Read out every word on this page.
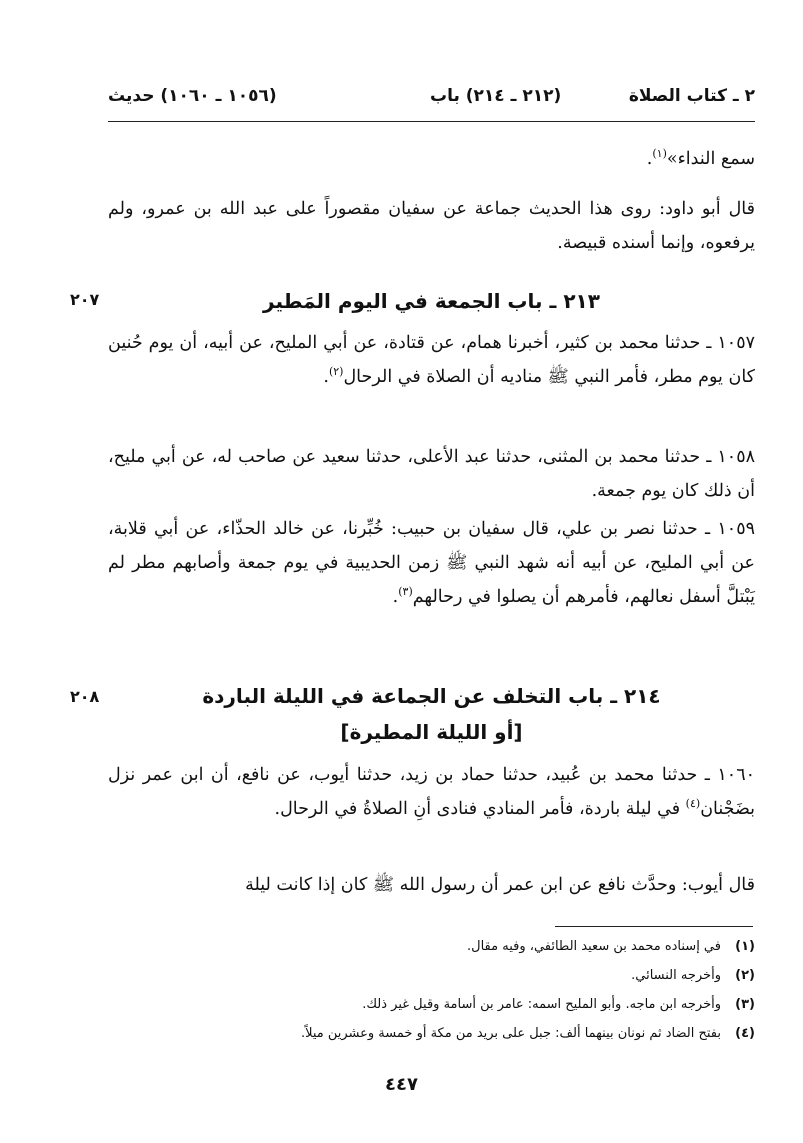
٢ ـ كتاب الصلاة
(٢١٢ ـ ٢١٤) باب
(١٠٥٦ ـ ١٠٦٠) حديث
سمع النداء»$^{(١)}$.
قال أبو داود: روى هذا الحديث جماعة عن سفيان مقصوراً على عبد الله بن عمرو، ولم يرفعوه، وإنما أسنده قبيصة.
٢١٣ ـ باب الجمعة في اليوم المَطير
٢٠٧
١٠٥٧ ـ حدثنا محمد بن كثير، أخبرنا همام، عن قتادة، عن أبي المليح، عن أبيه، أن يوم حُنين كان يوم مطر، فأمر النبي ﷺ مناديه أن الصلاة في الرحال$^{(٢)}$.
١٠٥٨ ـ حدثنا محمد بن المثنى، حدثنا عبد الأعلى، حدثنا سعيد عن صاحب له، عن أبي مليح، أن ذلك كان يوم جمعة.
١٠٥٩ ـ حدثنا نصر بن علي، قال سفيان بن حبيب: خُبِّرنا، عن خالد الحذّاء، عن أبي قلابة، عن أبي المليح، عن أبيه أنه شهد النبي ﷺ زمن الحديبية في يوم جمعة وأصابهم مطر لم يَبْتلَّ أسفل نعالهم، فأمرهم أن يصلوا في رحالهم$^{(٣)}$.
٢١٤ ـ باب التخلف عن الجماعة في الليلة الباردة
[أو الليلة المطيرة]
٢٠٨
١٠٦٠ ـ حدثنا محمد بن عُبيد، حدثنا حماد بن زيد، حدثنا أيوب، عن نافع، أن ابن عمر نزل بضَجْنان$^{(٤)}$ في ليلة باردة، فأمر المنادي فنادى أنِ الصلاةُ في الرحال.
قال أيوب: وحدَّث نافع عن ابن عمر أن رسول الله ﷺ كان إذا كانت ليلة
(١)
في إسناده محمد بن سعيد الطائفي، وفيه مقال.
(٢)
وأخرجه النسائي.
(٣)
وأخرجه ابن ماجه. وأبو المليح اسمه: عامر بن أسامة وقيل غير ذلك.
(٤)
بفتح الضاد ثم نونان بينهما ألف: جبل على بريد من مكة أو خمسة وعشرين ميلاً.
٤٤٧
